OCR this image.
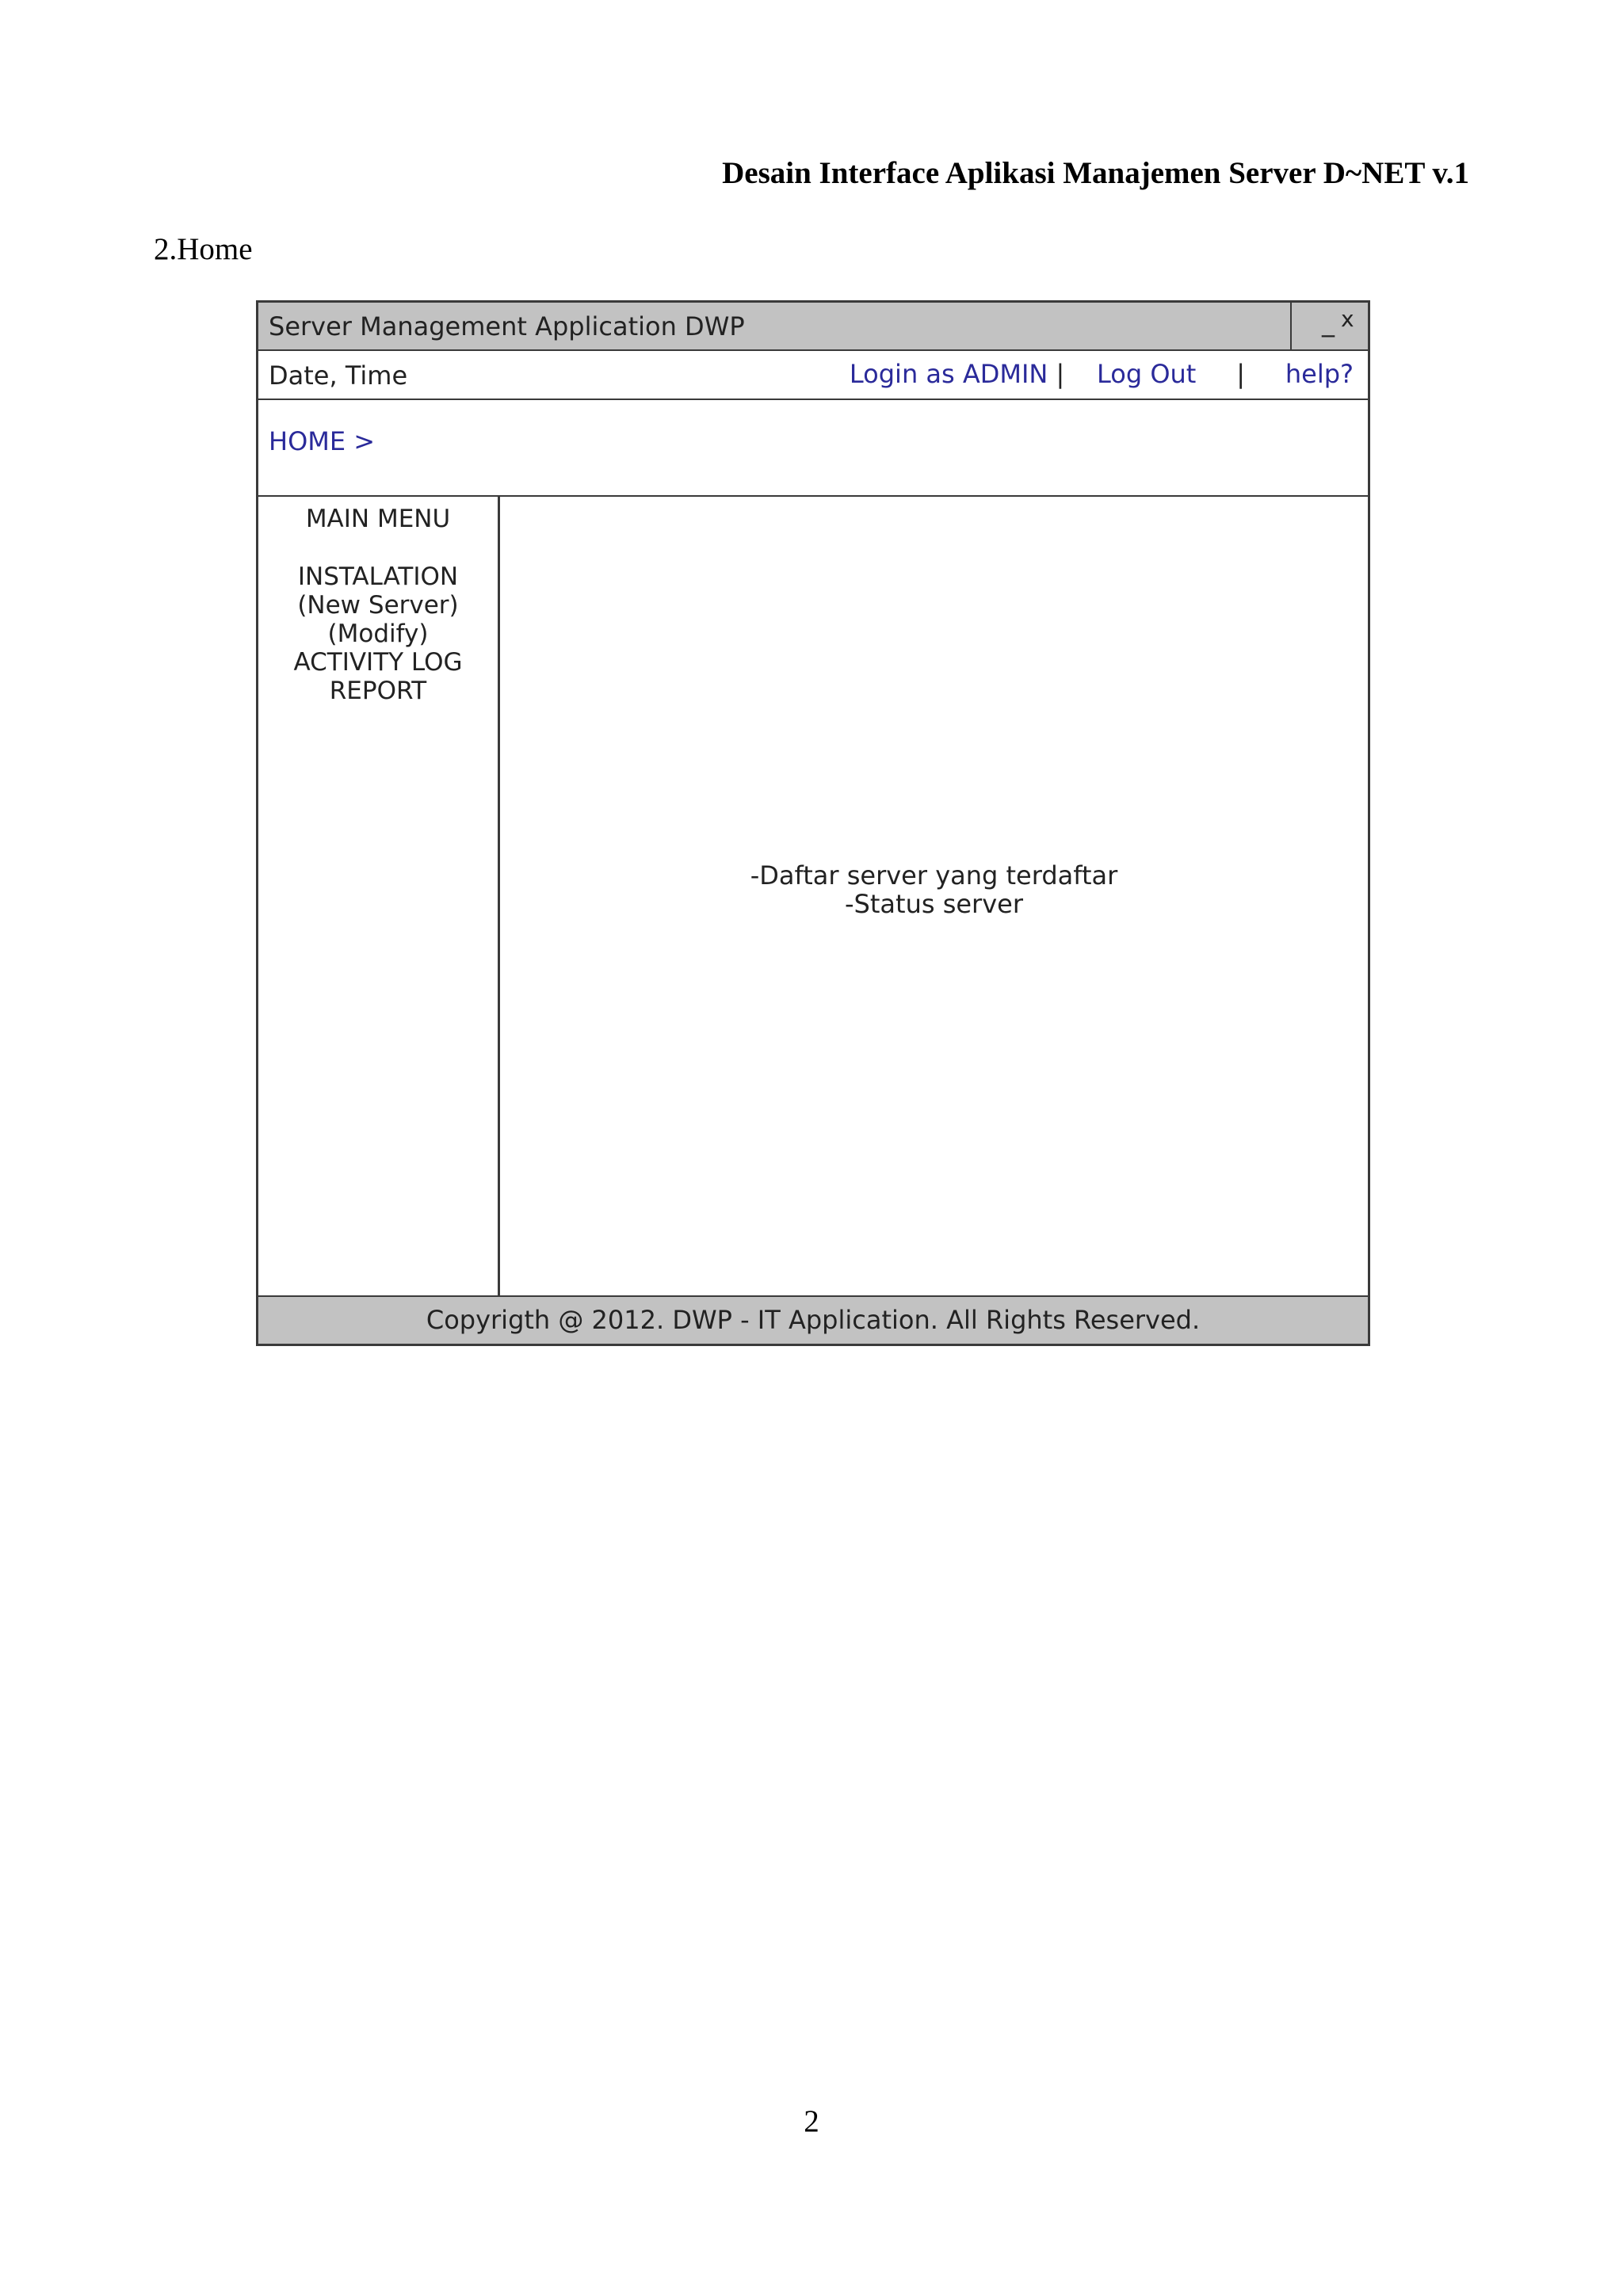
Desain Interface Aplikasi Manajemen Server D~NET v.1
2.Home
Server Management Application DWP	_ x
Date, Time	Login as ADMIN | Log Out | help?
HOME >
MAIN MENU
INSTALATION
(New Server)
(Modify)
ACTIVITY LOG
REPORT
-Daftar server yang terdaftar
-Status server
Copyrigth @ 2012. DWP - IT Application. All Rights Reserved.
2
